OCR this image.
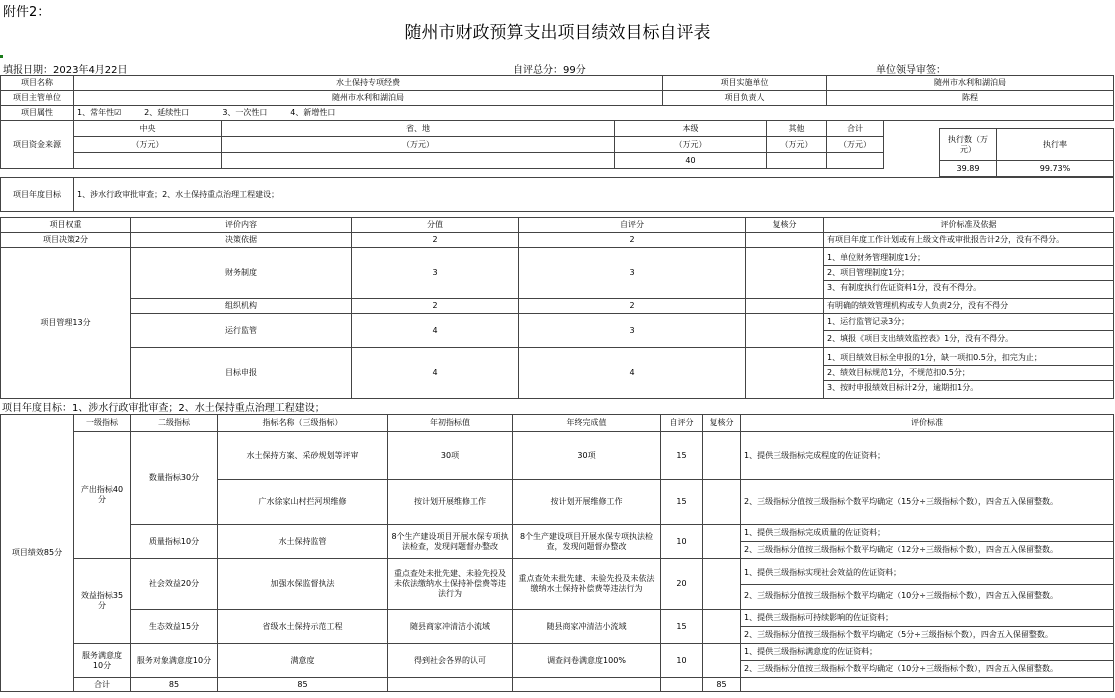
附件2：
随州市财政预算支出项目绩效目标自评表
填报日期：2023年4月22日	自评总分：99分	单位领导审签：
项目名称	水土保持专项经费			项目实施单位		随州市水利和湖泊局
项目主管单位	随州市水利和湖泊局			项目负责人		陈程
项目属性	1、常年性☑ 2、延续性口 3、一次性口 4、新增性口					
项目资金来源	中央	省、地	本级		其他	合计
	（万元）	（万元）	（万元）		（万元）	（万元）
			40			
执行数（万元）	执行率
39.89	99.73%
项目年度目标	1、涉水行政审批审查；2、水土保持重点治理工程建设；					

项目权重		评价内容	分值	自评分	复核分	评价标准及依据
项目决策2分		决策依据	2	2		有项目年度工作计划或有上级文件或审批报告计2分，没有不得分。
项目管理13分		财务制度	3	3		1、单位财务管理制度1分；
2、项目管理制度1分；
3、有制度执行佐证资料1分，没有不得分。

		组织机构	2	2		有明确的绩效管理机构或专人负责2分，没有不得分
		运行监管	4	3		1、运行监管记录3分；
2、填报《项目支出绩效监控表》1分，没有不得分。

		目标申报	4	4		1、项目绩效目标全申报的1分，缺一项扣0.5分，扣完为止；
2、绩效目标规范1分，不规范扣0.5分；
3、按时申报绩效目标计2分，逾期扣1分。
项目年度目标：1、涉水行政审批审查；2、水土保持重点治理工程建设；
项目绩效85分	一级指标	二级指标	指标名称（三级指标）	年初指标值	年终完成值	自评分	复核分	评价标准	
	产出指标40分	数量指标30分	水土保持方案、采砂规划等评审	30项	30项	15		1、提供三级指标完成程度的佐证资料；	
			广水徐家山村拦河坝维修	按计划开展维修工作	按计划开展维修工作	15		2、三级指标分值按三级指标个数平均确定（15分÷三级指标个数），四舍五入保留整数。	
		质量指标10分	水土保持监管	8个生产建设项目开展水保专项执法检查，发现问题督办整改	8个生产建设项目开展水保专项执法检查，发现问题督办整改	10		1、提供三级指标完成质量的佐证资料；
2、三级指标分值按三级指标个数平均确定（12分÷三级指标个数），四舍五入保留整数。	

	效益指标35分	社会效益20分	加强水保监督执法	重点查处未批先建、未验先投及未依法缴纳水土保持补偿费等违法行为	重点查处未批先建、未验先投及未依法缴纳水土保持补偿费等违法行为	20		1、提供三级指标实现社会效益的佐证资料；
2、三级指标分值按三级指标个数平均确定（10分÷三级指标个数），四舍五入保留整数。	

		生态效益15分	省级水土保持示范工程	随县商家冲清洁小流域	随县商家冲清洁小流域	15		1、提供三级指标可持续影响的佐证资料；
2、三级指标分值按三级指标个数平均确定（5分÷三级指标个数），四舍五入保留整数。	

	服务满意度10分	服务对象满意度10分	满意度	得到社会各界的认可	调查问卷满意度100%	10		1、提供三级指标满意度的佐证资料；
2、三级指标分值按三级指标个数平均确定（10分÷三级指标个数），四舍五入保留整数。	

	合计	85	85				85		
